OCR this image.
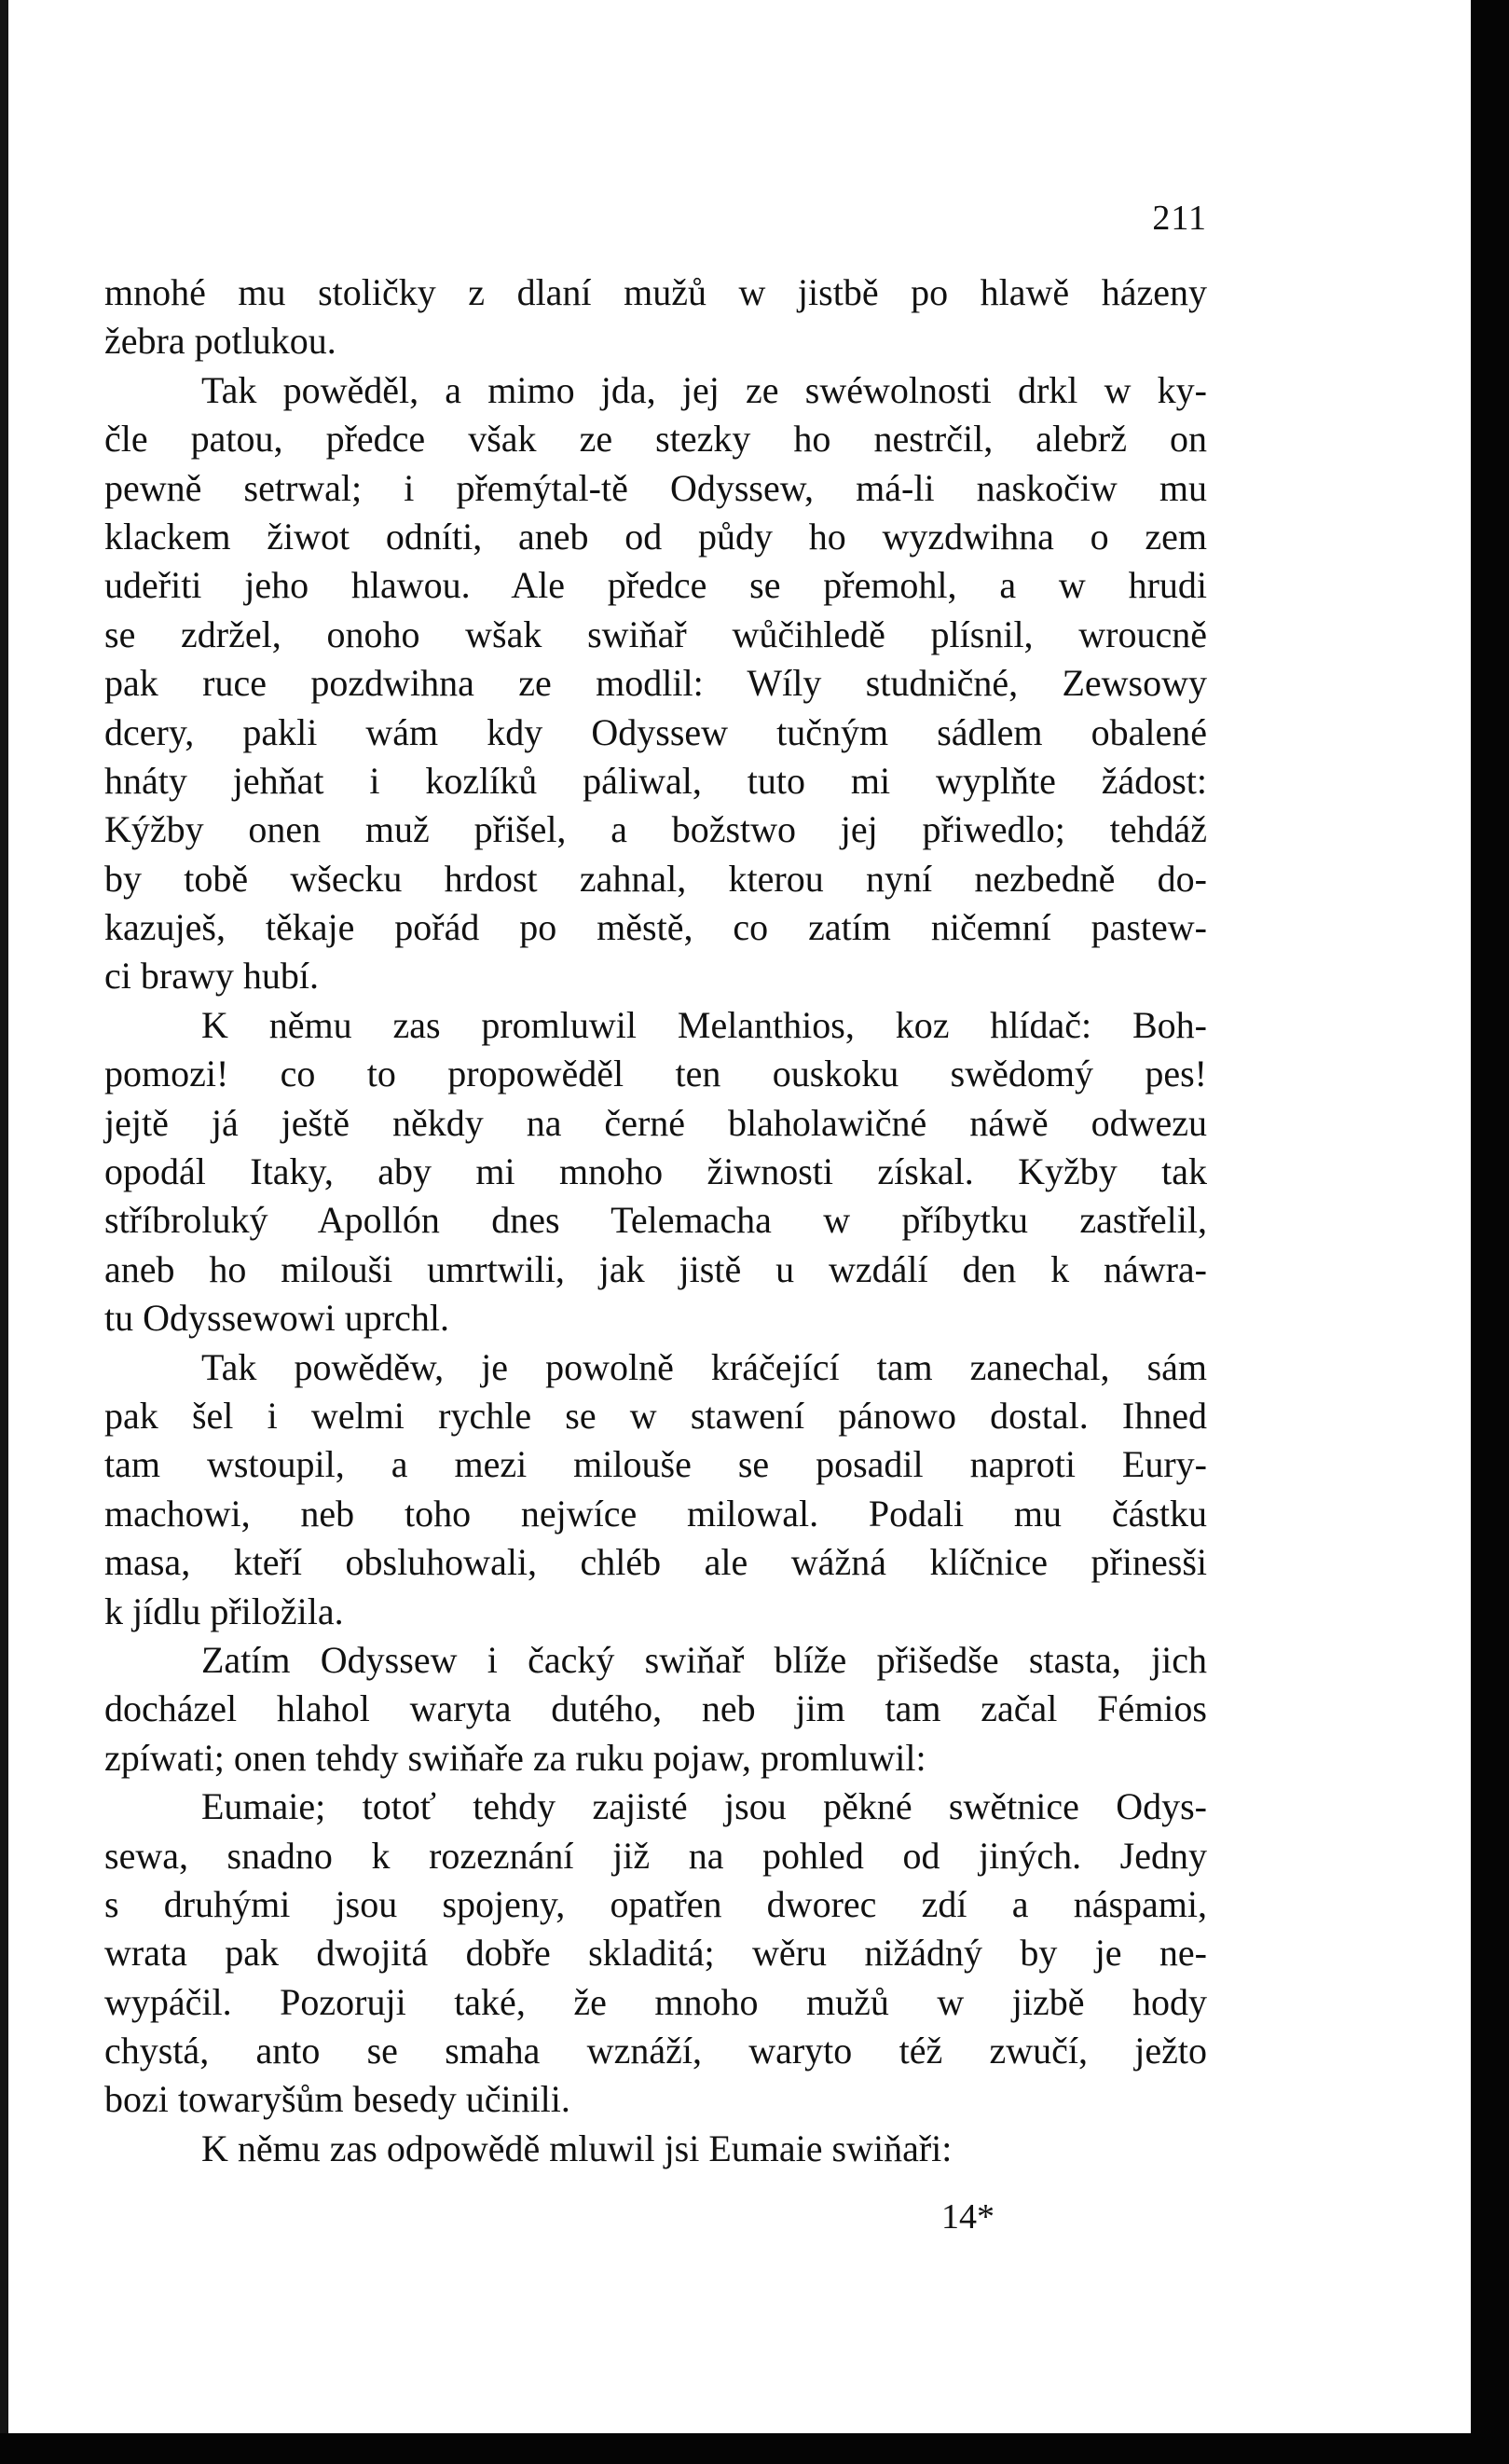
211
mnohé mu stoličky z dlaní mužů w jistbě po hlawě házeny
žebra potlukou.
Tak powěděl, a mimo jda, jej ze swéwolnosti drkl w ky-
čle patou, předce však ze stezky ho nestrčil, alebrž on
pewně setrwal; i přemýtal-tě Odyssew, má-li naskočiw mu
klackem žiwot odníti, aneb od půdy ho wyzdwihna o zem
udeřiti jeho hlawou. Ale předce se přemohl, a w hrudi
se zdržel, onoho wšak swiňař wůčihledě plísnil, wroucně
pak ruce pozdwihna ze modlil: Wíly studničné, Zewsowy
dcery, pakli wám kdy Odyssew tučným sádlem obalené
hnáty jehňat i kozlíků páliwal, tuto mi wyplňte žádost:
Kýžby onen muž přišel, a božstwo jej přiwedlo; tehdáž
by tobě wšecku hrdost zahnal, kterou nyní nezbedně do-
kazuješ, těkaje pořád po městě, co zatím ničemní pastew-
ci brawy hubí.
K němu zas promluwil Melanthios, koz hlídač: Boh-
pomozi! co to propowěděl ten ouskoku swědomý pes!
jejtě já ještě někdy na černé blaholawičné náwě odwezu
opodál Itaky, aby mi mnoho žiwnosti získal. Kyžby tak
stříbroluký Apollón dnes Telemacha w příbytku zastřelil,
aneb ho milouši umrtwili, jak jistě u wzdálí den k náwra-
tu Odyssewowi uprchl.
Tak powěděw, je powolně kráčející tam zanechal, sám
pak šel i welmi rychle se w stawení pánowo dostal. Ihned
tam wstoupil, a mezi milouše se posadil naproti Eury-
machowi, neb toho nejwíce milowal. Podali mu částku
masa, kteří obsluhowali, chléb ale wážná klíčnice přinesši
k jídlu přiložila.
Zatím Odyssew i čacký swiňař blíže přišedše stasta, jich
docházel hlahol waryta dutého, neb jim tam začal Fémios
zpíwati; onen tehdy swiňaře za ruku pojaw, promluwil:
Eumaie; totoť tehdy zajisté jsou pěkné swětnice Odys-
sewa, snadno k rozeznání již na pohled od jiných. Jedny
s druhými jsou spojeny, opatřen dworec zdí a náspami,
wrata pak dwojitá dobře skladitá; wěru nižádný by je ne-
wypáčil. Pozoruji také, že mnoho mužů w jizbě hody
chystá, anto se smaha wznáží, waryto též zwučí, ježto
bozi towaryšům besedy učinili.
K němu zas odpowědě mluwil jsi Eumaie swiňaři:
14*
